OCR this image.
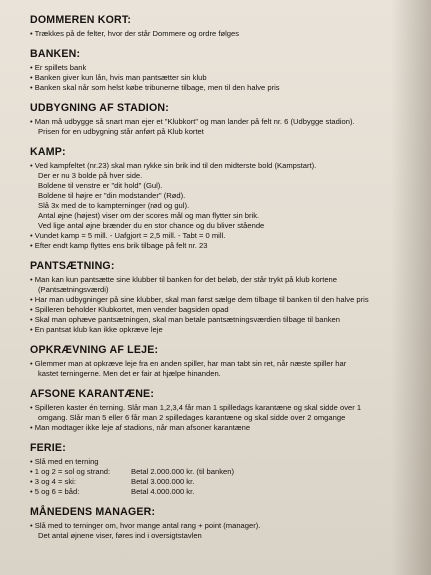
DOMMEREN KORT:
• Trækkes på de felter, hvor der står Dommere og ordre følges
BANKEN:
• Er spillets bank
• Banken giver kun lån, hvis man pantsætter sin klub
• Banken skal når som helst købe tribunerne tilbage, men til den halve pris
UDBYGNING AF STADION:
• Man må udbygge så snart man ejer et "Klubkort" og man lander på felt nr. 6 (Udbygge stadion).
Prisen for en udbygning står anført på Klub kortet
KAMP:
• Ved kampfeltet (nr.23) skal man rykke sin brik ind til den midterste bold (Kampstart).
Der er nu 3 bolde på hver side.
Boldene til venstre er "dit hold" (Gul).
Boldene til højre er "din modstander" (Rød).
Slå 3x med de to kampterninger (rød og gul).
Antal øjne (højest) viser om der scores mål og man flytter sin brik.
Ved lige antal øjne brænder du en stor chance og du bliver stående
• Vundet kamp = 5 mill. - Uafgjort = 2,5 mill. - Tabt = 0 mill.
• Efter endt kamp flyttes ens brik tilbage på felt nr. 23
PANTSÆTNING:
• Man kan kun pantsætte sine klubber til banken for det beløb, der står trykt på klub kortene
(Pantsætningsværdi)
• Har man udbygninger på sine klubber, skal man først sælge dem tilbage til banken til den halve pris
• Spilleren beholder Klubkortet, men vender bagsiden opad
• Skal man ophæve pantsætningen, skal man betale pantsætningsværdien tilbage til banken
• En pantsat klub kan ikke opkræve leje
OPKRÆVNING AF LEJE:
• Glemmer man at opkræve leje fra en anden spiller, har man tabt sin ret, når næste spiller har
kastet terningerne. Men det er fair at hjælpe hinanden.
AFSONE KARANTÆNE:
• Spilleren kaster én terning. Slår man 1,2,3,4 får man 1 spilledags karantæne og skal sidde over 1
omgang. Slår man 5 eller 6 får man 2 spilledages karantæne og skal sidde over 2 omgange
• Man modtager ikke leje af stadions, når man afsoner karantæne
FERIE:
• Slå med en terning
• 1 og 2 = sol og strand:	Betal 2.000.000 kr. (til banken)
• 3 og 4 = ski:	Betal 3.000.000 kr.
• 5 og 6 = båd:	Betal 4.000.000 kr.
MÅNEDENS MANAGER:
• Slå med to terninger om, hvor mange antal rang + point (manager).
Det antal øjnene viser, føres ind i oversigtstavlen
